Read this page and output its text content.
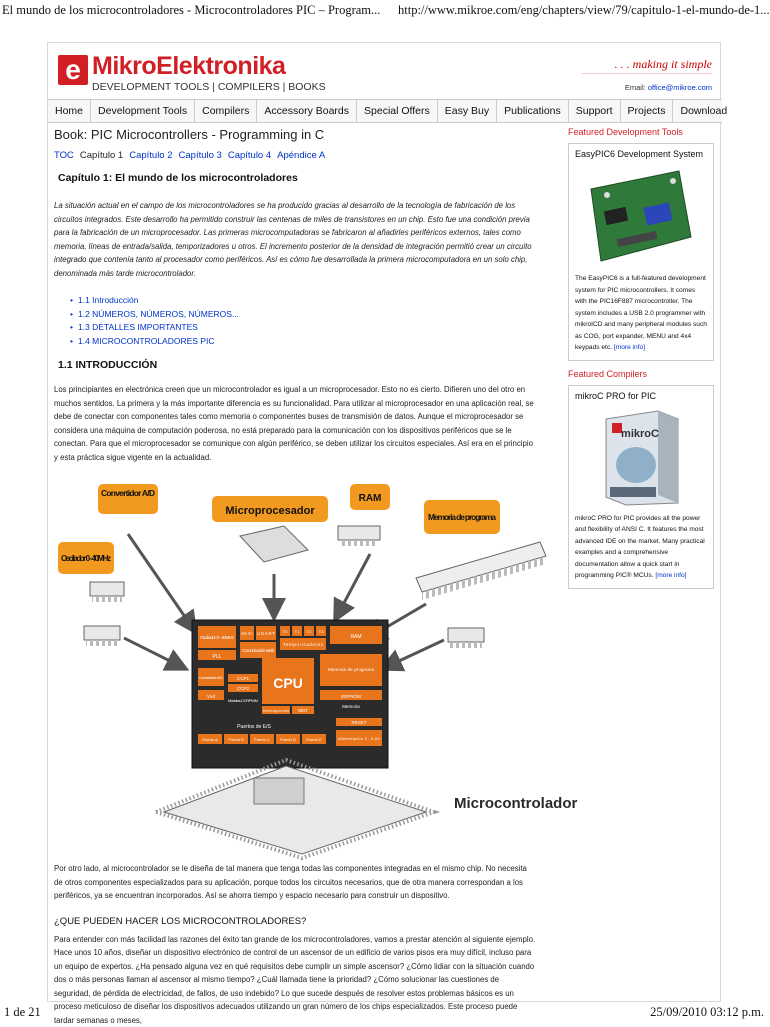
El mundo de los microcontroladores - Microcontroladores PIC – Program... http://www.mikroe.com/eng/chapters/view/79/capitulo-1-el-mundo-de-1...
e MikroElektronika
DEVELOPMENT TOOLS | COMPILERS | BOOKS
. . . making it simple
Email: office@mikroe.com
Home	Development Tools	Compilers	Accessory Boards	Special Offers	Easy Buy	Publications	Support	Projects	Download
Book: PIC Microcontrollers - Programming in C
TOC Capítulo 1 Capítulo 2 Capítulo 3 Capítulo 4 Apéndice A
Capítulo 1: El mundo de los microcontroladores

La situación actual en el campo de los microcontroladores se ha producido gracias al desarrollo de la tecnología de fabricación de los circuitos integrados. Este desarrollo ha permitido construir las centenas de miles de transistores en un chip. Esto fue una condición previa para la fabricación de un microprocesador. Las primeras microcomputadoras se fabricaron al añadirles periféricos externos, tales como memoria, líneas de entrada/salida, temporizadores u otros. El incremento posterior de la densidad de integración permitió crear un circuito integrado que contenía tanto al procesador como periféricos. Así es cómo fue desarrollada la primera microcomputadora en un solo chip, denominada más tarde microcontrolador.

• 1.1 Introducción
• 1.2 NÚMEROS, NÚMEROS, NÚMEROS...
• 1.3 DETALLES IMPORTANTES
• 1.4 MICROCONTROLADORES PIC
1.1 INTRODUCCIÓN

Los principiantes en electrónica creen que un microcontrolador es igual a un microprocesador. Esto no es cierto. Difieren uno del otro en muchos sentidos. La primera y la más importante diferencia es su funcionalidad. Para utilizar al microprocesador en una aplicación real, se debe de conectar con componentes tales como memoria o componentes buses de transmisión de datos. Aunque el microprocesador se considera una máquina de computación poderosa, no está preparado para la comunicación con los dispositivos periféricos que se le conectan. Para que el microprocesador se comunique con algún periférico, se deben utilizar los circuitos especiales. Así era en el principio y esta práctica sigue vigente en la actualidad.

Convertidor A/D
Microprocesador
RAM
Memoria de programa
Oscilador 0 - 40MHz
Oscilador 0 - 40MHz
PLL
SPI I²C USART
Comunicación serial
T0 T1 T2 T3
Temporizadores
RAM
Convertidor A/D
Vref
CCP1
CCP2
Módulos CCP/PWM
CPU
Memoria de programa
EEPROM
Memoria
Interrupciones WDT
Puertos de E/S
Puerto A	Puerto B	Puerto C	Puerto D	Puerto E
RESET
Alimentación 2 - 5.5V
Microcontrolador

Por otro lado, al microcontrolador se le diseña de tal manera que tenga todas las componentes integradas en el mismo chip. No necesita de otros componentes especializados para su aplicación, porque todos los circuitos necesarios, que de otra manera correspondan a los periféricos, ya se encuentran incorporados. Así se ahorra tiempo y espacio necesario para construir un dispositivo.

¿QUE PUEDEN HACER LOS MICROCONTROLADORES?

Para entender con más facilidad las razones del éxito tan grande de los microcontroladores, vamos a prestar atención al siguiente ejemplo. Hace unos 10 años, diseñar un dispositivo electrónico de control de un ascensor de un edificio de varios pisos era muy difícil, incluso para un equipo de expertos. ¿Ha pensado alguna vez en qué requisitos debe cumplir un simple ascensor? ¿Cómo lidiar con la situación cuando dos o más personas llaman al ascensor al mismo tiempo? ¿Cuál llamada tiene la prioridad? ¿Cómo solucionar las cuestiones de seguridad, de pérdida de electricidad, de fallos, de uso indebido? Lo que sucede después de resolver estos problemas básicos es un proceso meticuloso de diseñar los dispositivos adecuados utilizando un gran número de los chips especializados. Este proceso puede tardar semanas o meses,

Featured Development Tools
EasyPIC6 Development System
The EasyPIC6 is a full-featured development system for PIC microcontrollers. It comes with the PIC16F887 microcontroller. The system includes a USB 2.0 programmer with mikroICD and many peripheral modules such as COG, port expander, MENU and 4x4 keypads etc. [more info]
Featured Compilers
mikroC PRO for PIC
mikroC
mikroC PRO for PIC provides all the power and flexibility of ANSI C. It features the most advanced IDE on the market. Many practical examples and a comprehensive documentation allow a quick start in programming PIC® MCUs. [more info]
1 de 21	25/09/2010 03:12 p.m.
